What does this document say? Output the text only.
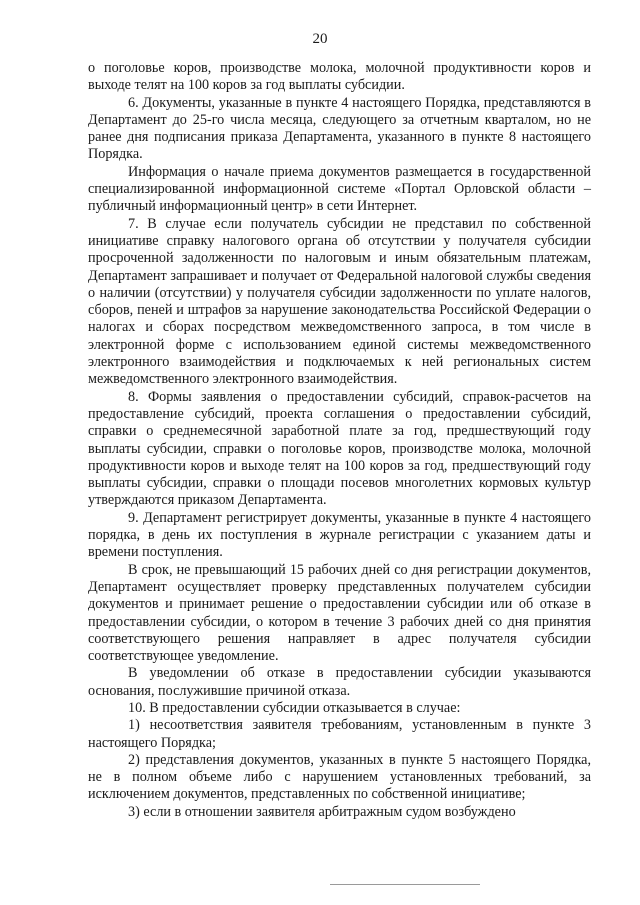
20

о поголовье коров, производстве молока, молочной продуктивности коров и выходе телят на 100 коров за год выплаты субсидии.

6. Документы, указанные в пункте 4 настоящего Порядка, представляются в Департамент до 25-го числа месяца, следующего за отчетным кварталом, но не ранее дня подписания приказа Департамента, указанного в пункте 8 настоящего Порядка.

Информация о начале приема документов размещается в государственной специализированной информационной системе «Портал Орловской области – публичный информационный центр» в сети Интернет.

7. В случае если получатель субсидии не представил по собственной инициативе справку налогового органа об отсутствии у получателя субсидии просроченной задолженности по налоговым и иным обязательным платежам, Департамент запрашивает и получает от Федеральной налоговой службы сведения о наличии (отсутствии) у получателя субсидии задолженности по уплате налогов, сборов, пеней и штрафов за нарушение законодательства Российской Федерации о налогах и сборах посредством межведомственного запроса, в том числе в электронной форме с использованием единой системы межведомственного электронного взаимодействия и подключаемых к ней региональных систем межведомственного электронного взаимодействия.

8. Формы заявления о предоставлении субсидий, справок-расчетов на предоставление субсидий, проекта соглашения о предоставлении субсидий, справки о среднемесячной заработной плате за год, предшествующий году выплаты субсидии, справки о поголовье коров, производстве молока, молочной продуктивности коров и выходе телят на 100 коров за год, предшествующий году выплаты субсидии, справки о площади посевов многолетних кормовых культур утверждаются приказом Департамента.

9. Департамент регистрирует документы, указанные в пункте 4 настоящего порядка, в день их поступления в журнале регистрации с указанием даты и времени поступления.

В срок, не превышающий 15 рабочих дней со дня регистрации документов, Департамент осуществляет проверку представленных получателем субсидии документов и принимает решение о предоставлении субсидии или об отказе в предоставлении субсидии, о котором в течение 3 рабочих дней со дня принятия соответствующего решения направляет в адрес получателя субсидии соответствующее уведомление.

В уведомлении об отказе в предоставлении субсидии указываются основания, послужившие причиной отказа.

10. В предоставлении субсидии отказывается в случае:

1) несоответствия заявителя требованиям, установленным в пункте 3 настоящего Порядка;

2) представления документов, указанных в пункте 5 настоящего Порядка, не в полном объеме либо с нарушением установленных требований, за исключением документов, представленных по собственной инициативе;

3) если в отношении заявителя арбитражным судом возбуждено
